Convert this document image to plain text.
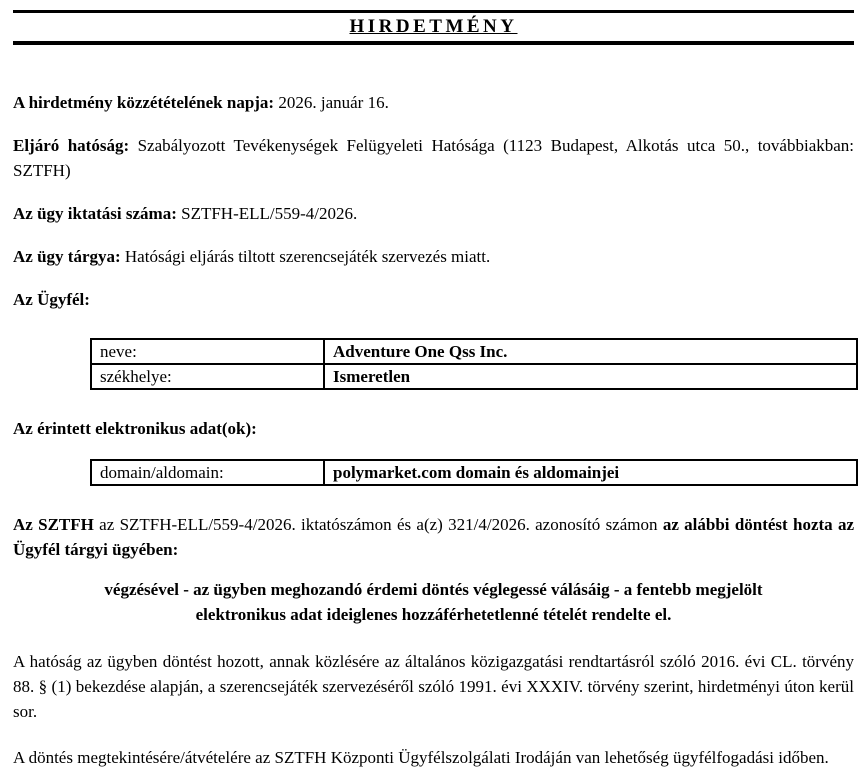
HIRDETMÉNY

A hirdetmény közzétételének napja: 2026. január 16.

Eljáró hatóság: Szabályozott Tevékenységek Felügyeleti Hatósága (1123 Budapest, Alkotás utca 50., továbbiakban: SZTFH)

Az ügy iktatási száma: SZTFH-ELL/559-4/2026.

Az ügy tárgya: Hatósági eljárás tiltott szerencsejáték szervezés miatt.

Az Ügyfél:

neve:	Adventure One Qss Inc.
székhelye:	Ismeretlen

Az érintett elektronikus adat(ok):

domain/aldomain:	polymarket.com domain és aldomainjei

Az SZTFH az SZTFH-ELL/559-4/2026. iktatószámon és a(z) 321/4/2026. azonosító számon az alábbi döntést hozta az Ügyfél tárgyi ügyében:

végzésével - az ügyben meghozandó érdemi döntés véglegessé válásáig - a fentebb megjelölt elektronikus adat ideiglenes hozzáférhetetlenné tételét rendelte el.

A hatóság az ügyben döntést hozott, annak közlésére az általános közigazgatási rendtartásról szóló 2016. évi CL. törvény 88. § (1) bekezdése alapján, a szerencsejáték szervezéséről szóló 1991. évi XXXIV. törvény szerint, hirdetményi úton kerül sor.

A döntés megtekintésére/átvételére az SZTFH Központi Ügyfélszolgálati Irodáján van lehetőség ügyfélfogadási időben.
